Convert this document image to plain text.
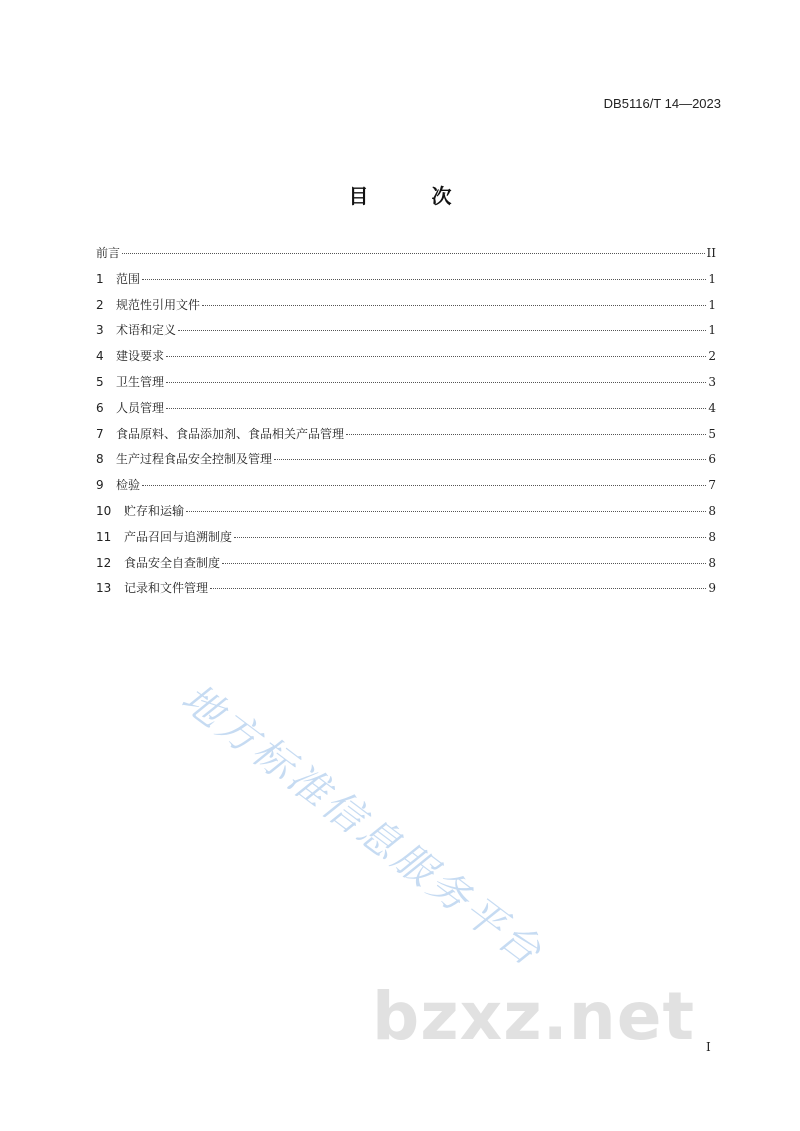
DB5116/T 14—2023
目 次
前言	II
1	范围	1
2	规范性引用文件	1
3	术语和定义	1
4	建设要求	2
5	卫生管理	3
6	人员管理	4
7	食品原料、食品添加剂、食品相关产品管理	5
8	生产过程食品安全控制及管理	6
9	检验	7
10	贮存和运输	8
11	产品召回与追溯制度	8
12	食品安全自查制度	8
13	记录和文件管理	9
地方标准信息服务平台
bzxz.net I
